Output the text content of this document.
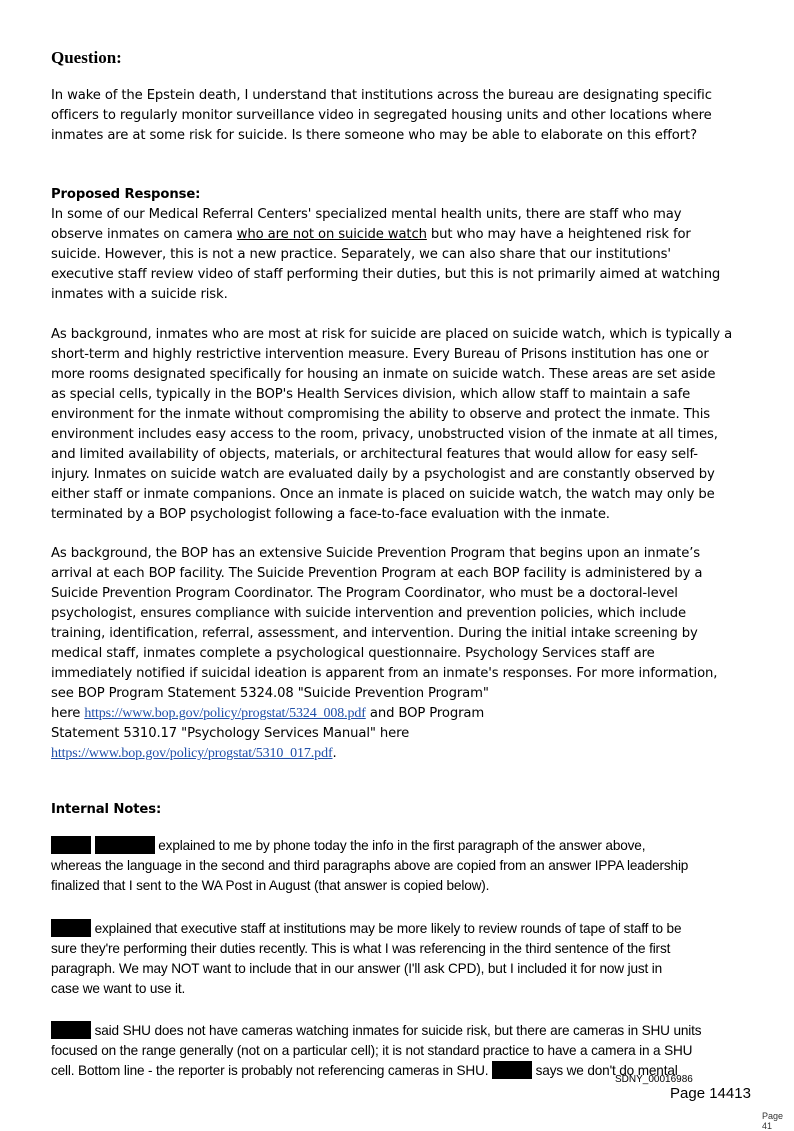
Question:

In wake of the Epstein death, I understand that institutions across the bureau are designating specific

officers to regularly monitor surveillance video in segregated housing units and other locations where

inmates are at some risk for suicide. Is there someone who may be able to elaborate on this effort?

Proposed Response:

In some of our Medical Referral Centers' specialized mental health units, there are staff who may

observe inmates on camera who are not on suicide watch but who may have a heightened risk for

suicide. However, this is not a new practice. Separately, we can also share that our institutions'

executive staff review video of staff performing their duties, but this is not primarily aimed at watching

inmates with a suicide risk.

As background, inmates who are most at risk for suicide are placed on suicide watch, which is typically a

short-term and highly restrictive intervention measure. Every Bureau of Prisons institution has one or

more rooms designated specifically for housing an inmate on suicide watch. These areas are set aside

as special cells, typically in the BOP's Health Services division, which allow staff to maintain a safe

environment for the inmate without compromising the ability to observe and protect the inmate. This

environment includes easy access to the room, privacy, unobstructed vision of the inmate at all times,

and limited availability of objects, materials, or architectural features that would allow for easy self-

injury. Inmates on suicide watch are evaluated daily by a psychologist and are constantly observed by

either staff or inmate companions. Once an inmate is placed on suicide watch, the watch may only be

terminated by a BOP psychologist following a face-to-face evaluation with the inmate.

As background, the BOP has an extensive Suicide Prevention Program that begins upon an inmate’s

arrival at each BOP facility. The Suicide Prevention Program at each BOP facility is administered by a

Suicide Prevention Program Coordinator. The Program Coordinator, who must be a doctoral-level

psychologist, ensures compliance with suicide intervention and prevention policies, which include

training, identification, referral, assessment, and intervention. During the initial intake screening by

medical staff, inmates complete a psychological questionnaire. Psychology Services staff are

immediately notified if suicidal ideation is apparent from an inmate's responses. For more information,

see BOP Program Statement 5324.08 "Suicide Prevention Program"

here https://www.bop.gov/policy/progstat/5324_008.pdf and BOP Program

Statement 5310.17 "Psychology Services Manual" here

https://www.bop.gov/policy/progstat/5310_017.pdf.

Internal Notes:

explained to me by phone today the info in the first paragraph of the answer above,

whereas the language in the second and third paragraphs above are copied from an answer IPPA leadership

finalized that I sent to the WA Post in August (that answer is copied below).

explained that executive staff at institutions may be more likely to review rounds of tape of staff to be

sure they're performing their duties recently. This is what I was referencing in the third sentence of the first

paragraph. We may NOT want to include that in our answer (I'll ask CPD), but I included it for now just in

case we want to use it.

said SHU does not have cameras watching inmates for suicide risk, but there are cameras in SHU units

focused on the range generally (not on a particular cell); it is not standard practice to have a camera in a SHU

cell. Bottom line - the reporter is probably not referencing cameras in SHU.	says we don't do mental

SDNY_00016986
Page 14413
Page 41
